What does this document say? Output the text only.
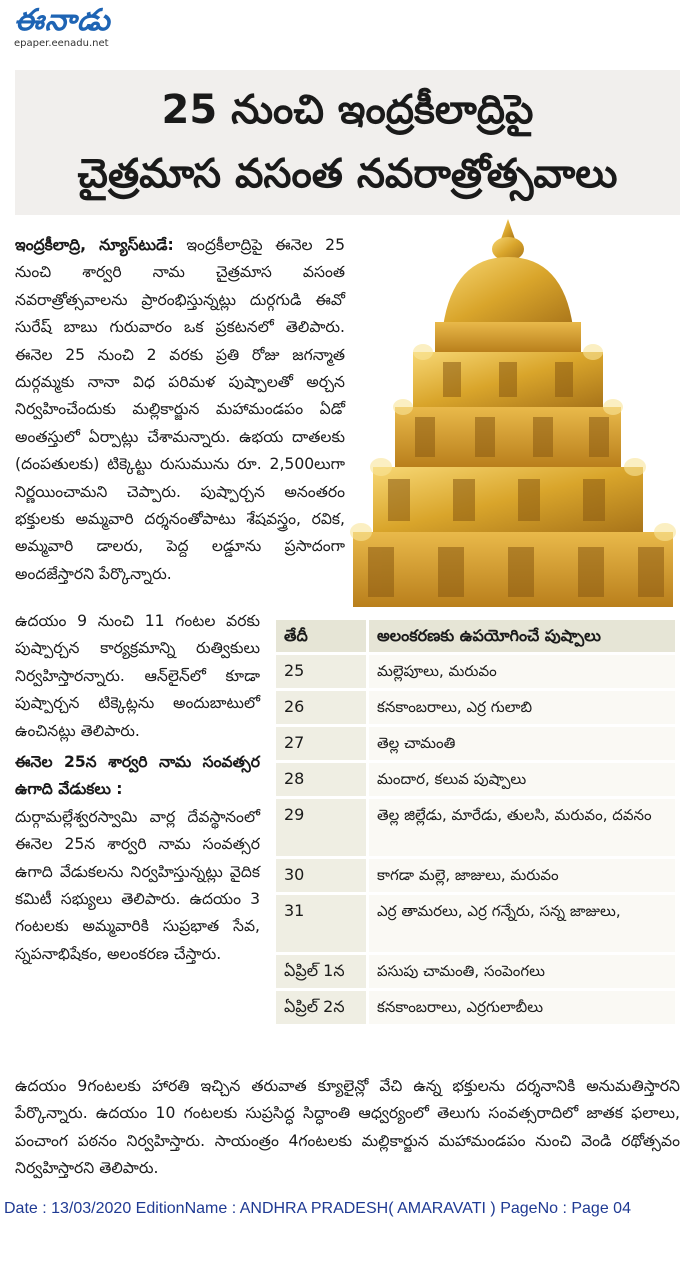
ఈనాడు
epaper.eenadu.net
25 నుంచి ఇంద్రకీలాద్రిపై
చైత్రమాస వసంత నవరాత్రోత్సవాలు
ఇంద్రకీలాద్రి, న్యూస్‌టుడే: ఇంద్రకీలాద్రిపై ఈనెల 25 నుంచి శార్వరి నామ చైత్రమాస వసంత నవరాత్రోత్సవాలను ప్రారంభిస్తున్నట్లు దుర్గగుడి ఈవో సురేష్ బాబు గురువారం ఒక ప్రకటనలో తెలిపారు. ఈనెల 25 నుంచి 2 వరకు ప్రతి రోజు జగన్మాత దుర్గమ్మకు నానా విధ పరిమళ పుష్పాలతో అర్చన నిర్వహించేందుకు మల్లికార్జున మహామండపం ఏడో అంతస్తులో ఏర్పాట్లు చేశామన్నారు. ఉభయ దాతలకు (దంపతులకు) టిక్కెట్టు రుసుమును రూ. 2,500లుగా నిర్ణయించామని చెప్పారు. పుష్పార్చన అనంతరం భక్తులకు అమ్మవారి దర్శనంతోపాటు శేషవస్త్రం, రవిక, అమ్మవారి డాలరు, పెద్ద లడ్డూను ప్రసాదంగా అందజేస్తారని పేర్కొన్నారు.
ఉదయం 9 నుంచి 11 గంటల వరకు పుష్పార్చన కార్యక్రమాన్ని రుత్వికులు నిర్వహిస్తారన్నారు. ఆన్‌లైన్‌లో కూడా పుష్పార్చన టిక్కెట్లను అందుబాటులో ఉంచినట్లు తెలిపారు.
ఈనెల 25న శార్వరి నామ సంవత్సర ఉగాది వేడుకలు :
దుర్గామల్లేశ్వరస్వామి వార్ల దేవస్థానంలో ఈనెల 25న శార్వరి నామ సంవత్సర ఉగాది వేడుకలను నిర్వహిస్తున్నట్లు వైదిక కమిటీ సభ్యులు తెలిపారు. ఉదయం 3 గంటలకు అమ్మవారికి సుప్రభాత సేవ, స్నపనాభిషేకం, అలంకరణ చేస్తారు.
తేదీ	అలంకరణకు ఉపయోగించే పుష్పాలు
25	మల్లెపూలు, మరువం
26	కనకాంబరాలు, ఎర్ర గులాబి
27	తెల్ల చామంతి
28	మందార, కలువ పుష్పాలు
29	తెల్ల జిల్లేడు, మారేడు, తులసి, మరువం, దవనం
30	కాగడా మల్లె, జాజులు, మరువం
31	ఎర్ర తామరలు, ఎర్ర గన్నేరు, సన్న జాజులు,
ఏప్రిల్ 1న	పసుపు చామంతి, సంపెంగలు
ఏప్రిల్ 2న	కనకాంబరాలు, ఎర్రగులాబీలు
ఉదయం 9గంటలకు హారతి ఇచ్చిన తరువాత క్యూలైన్లో వేచి ఉన్న భక్తులను దర్శనానికి అనుమతిస్తారని పేర్కొన్నారు. ఉదయం 10 గంటలకు సుప్రసిద్ధ సిద్ధాంతి ఆధ్వర్యంలో తెలుగు సంవత్సరాదిలో జాతక ఫలాలు, పంచాంగ పఠనం నిర్వహిస్తారు. సాయంత్రం 4గంటలకు మల్లికార్జున మహామండపం నుంచి వెండి రథోత్సవం నిర్వహిస్తారని తెలిపారు.
Date : 13/03/2020 EditionName : ANDHRA PRADESH( AMARAVATI ) PageNo : Page 04
